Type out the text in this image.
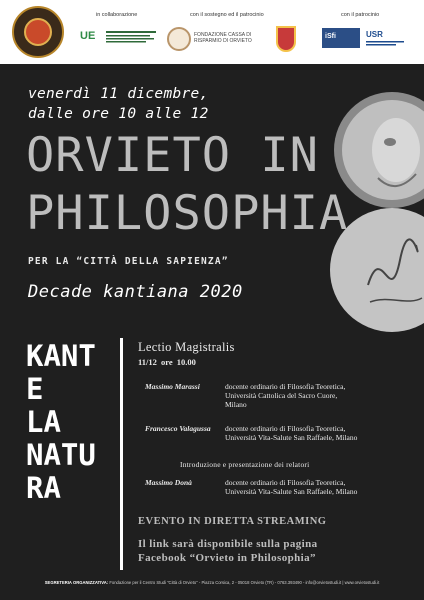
in collaborazione	con il sostegno ed il patrocinio	con il patrocinio
UE	FONDAZIONE CASSA DI RISPARMIO DI ORVIETO
iSfi	USR
venerdì 11 dicembre,
dalle ore 10 alle 12
ORVIETO IN
PHILOSOPHIA
PER LA “CITTÀ DELLA SAPIENZA”
Decade kantiana 2020
KANT
E
LA
NATU
RA
Lectio Magistralis
11/12 ore 10.00
Massimo Marassi	docente ordinario di Filosofia Teoretica,
Università Cattolica del Sacro Cuore,
Milano
Francesco Valagussa docente ordinario di Filosofia Teoretica,
Università Vita-Salute San Raffaele, Milano
Introduzione e presentazione dei relatori
Massimo Donà	docente ordinario di Filosofia Teoretica,
Università Vita-Salute San Raffaele, Milano
EVENTO IN DIRETTA STREAMING
Il link sarà disponibile sulla pagina
Facebook “Orvieto in Philosophia”
SEGRETERIA ORGANIZZATIVA: Fondazione per il Centro Studi "Città di Orvieto" - Piazza Corsica, 2 - 05018 Orvieto (TR) - 0763.393490 - info@orvietostudi.it | www.orvietostudi.it
